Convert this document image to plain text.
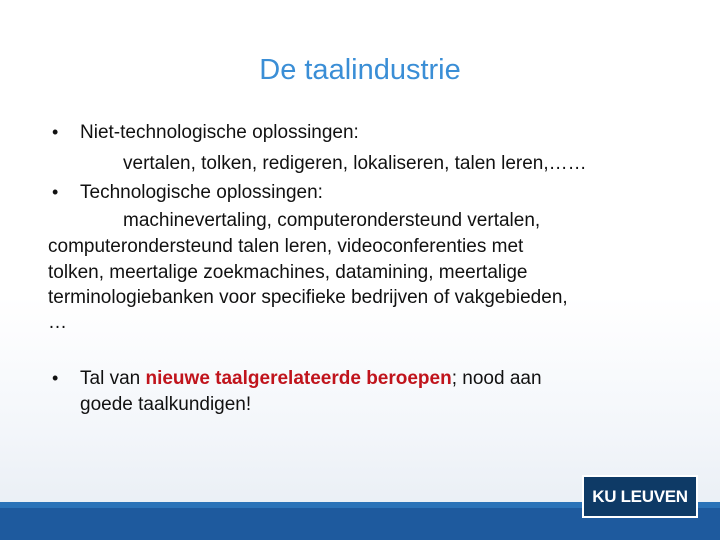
De taalindustrie
• Niet-technologische oplossingen:
vertalen, tolken, redigeren, lokaliseren, talen leren,……
• Technologische oplossingen:
machinevertaling, computerondersteund vertalen,
computerondersteund talen leren, videoconferenties met
tolken, meertalige zoekmachines, datamining, meertalige
terminologiebanken voor specifieke bedrijven of vakgebieden,
…
• Tal van nieuwe taalgerelateerde beroepen; nood aan
goede taalkundigen!
KU LEUVEN
